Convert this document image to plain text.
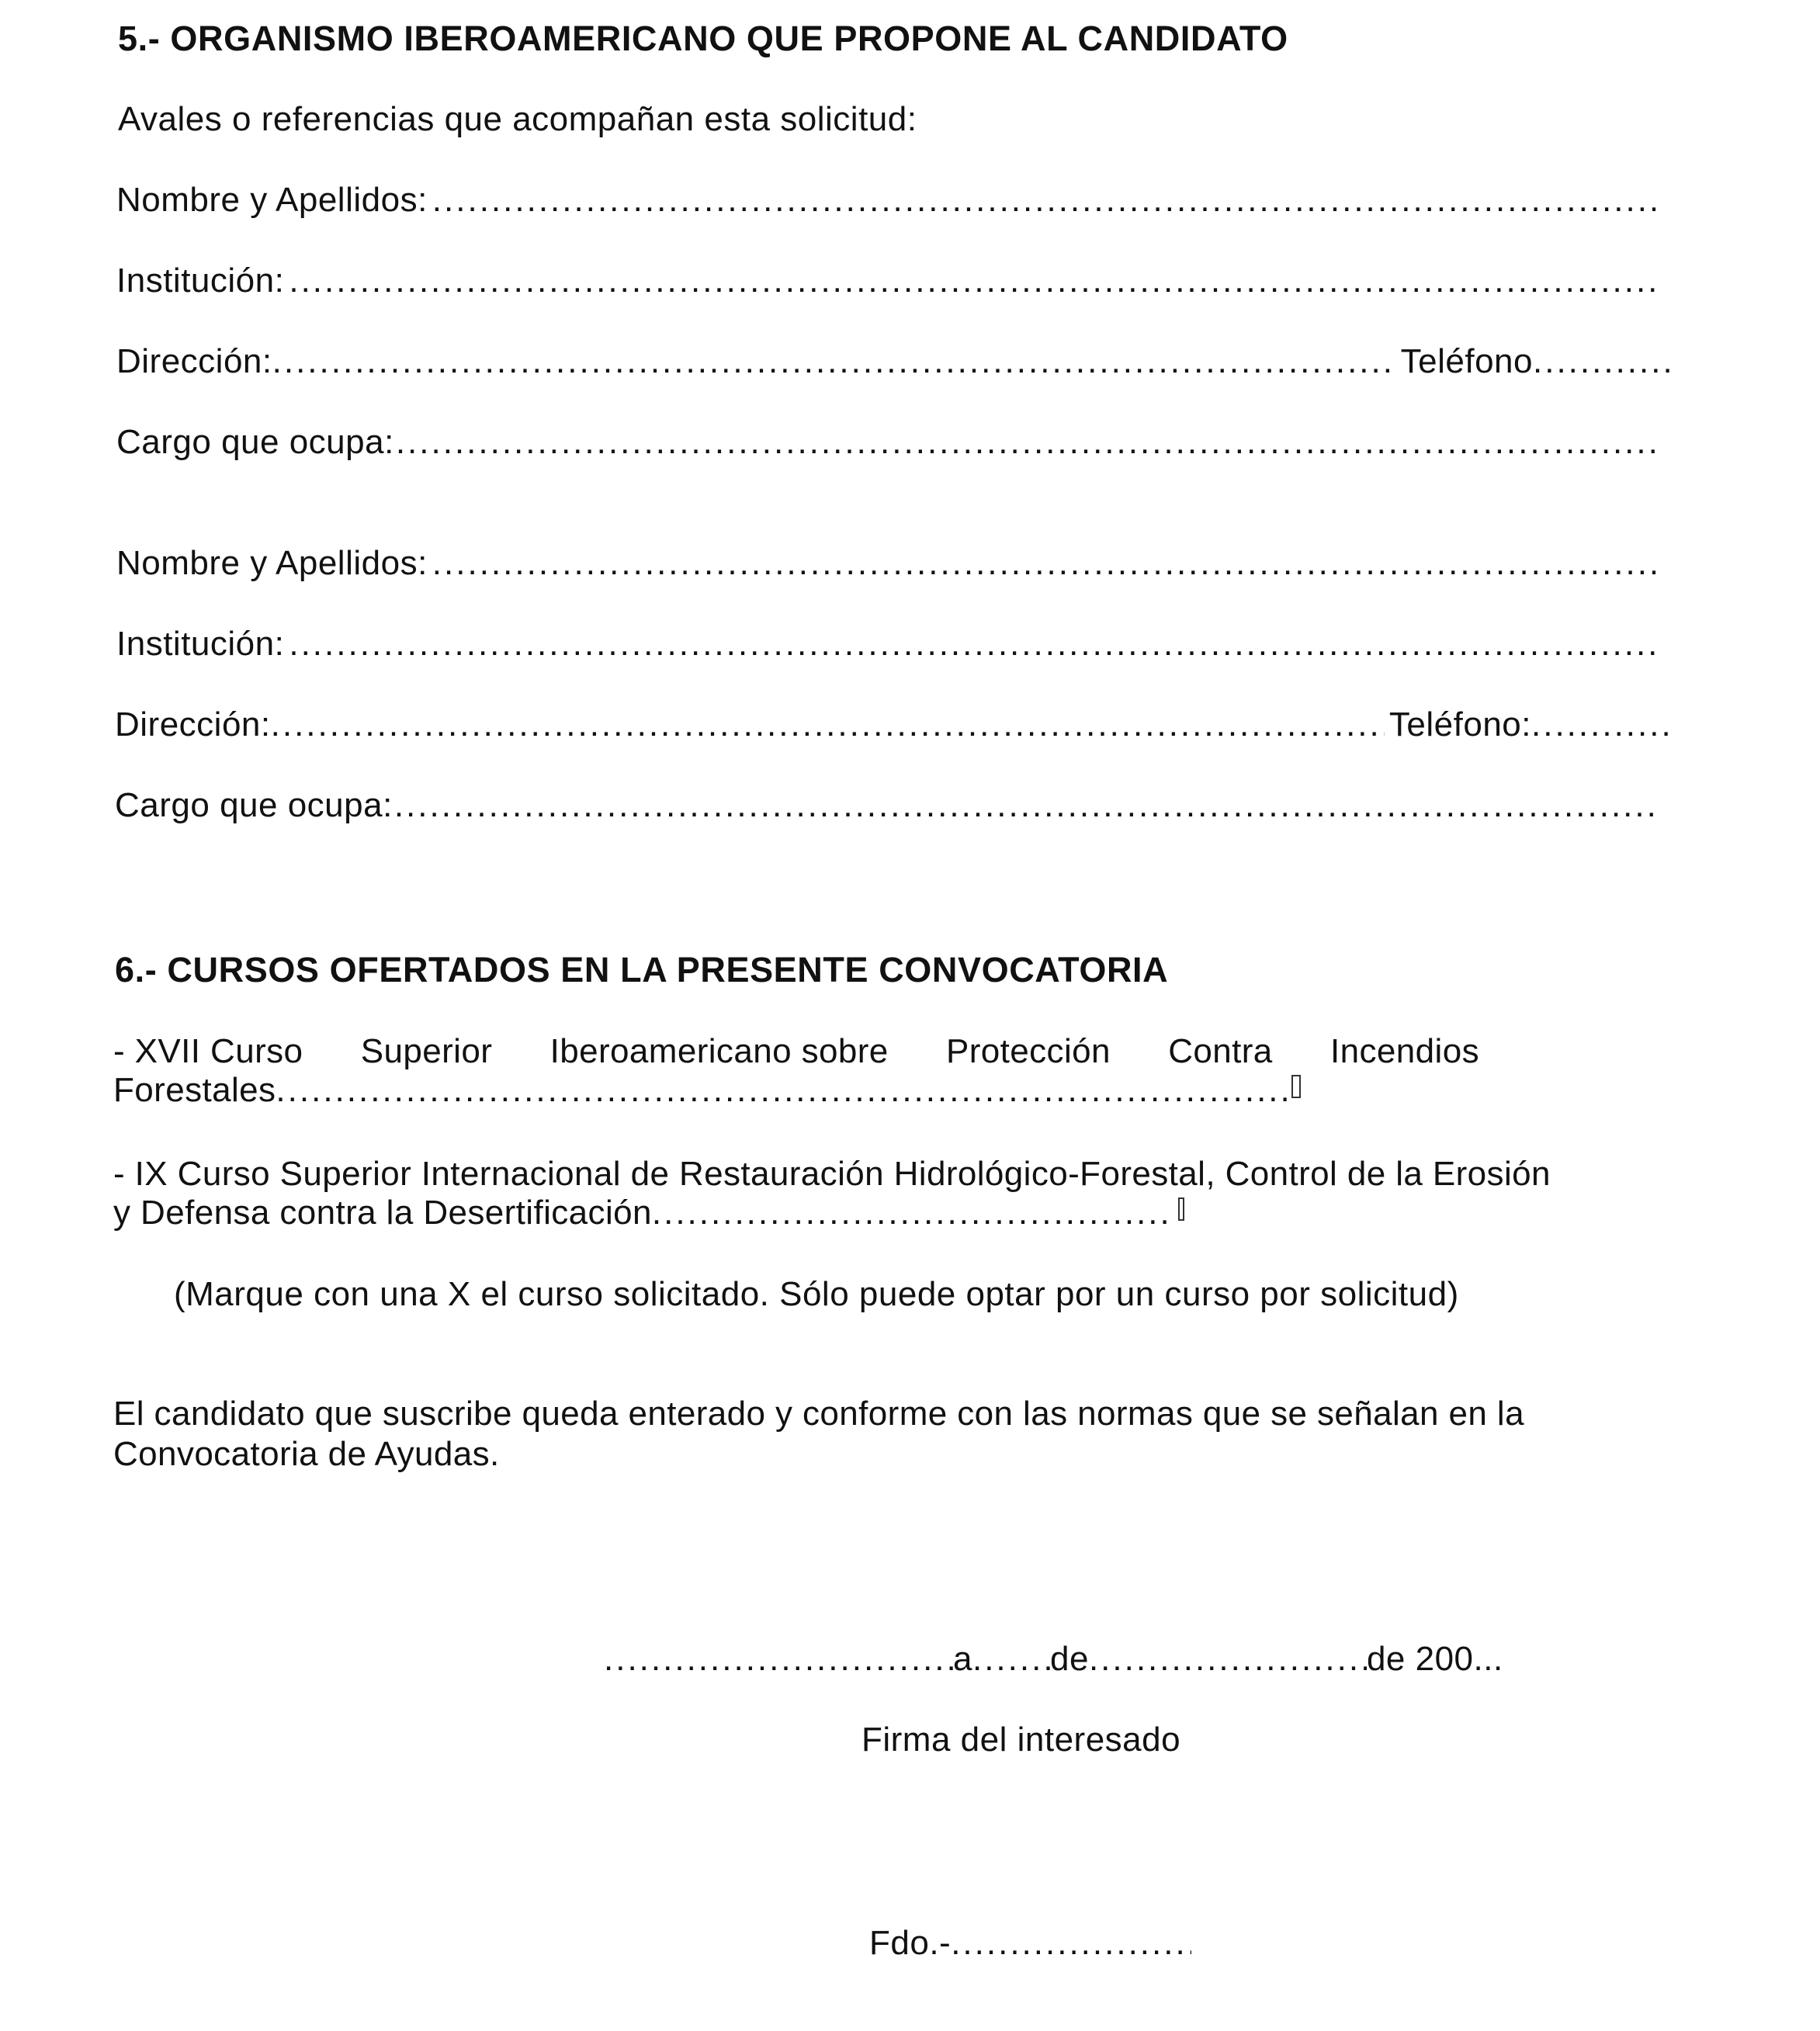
5.- ORGANISMO IBEROAMERICANO QUE PROPONE AL CANDIDATO
Avales o referencias que acompañan esta solicitud:
Nombre y Apellidos:
.....
Institución:
.....
Dirección: .....	Teléfono
.....
Cargo que ocupa:
.....
Nombre y Apellidos:
.....
Institución:
.....
Dirección: .....	Teléfono:
.....
Cargo que ocupa:
.....
6.- CURSOS OFERTADOS EN LA PRESENTE CONVOCATORIA
- XVII Curso Superior Iberoamericano sobre Protección Contra Incendios
Forestales
.....
- IX Curso Superior Internacional de Restauración Hidrológico-Forestal, Control de la Erosión
y Defensa contra la Desertificación
.....
(Marque con una X el curso solicitado. Sólo puede optar por un curso por solicitud)
El candidato que suscribe queda enterado y conforme con las normas que se señalan en la
Convocatoria de Ayudas.
.....
a ..... de .....	de 200...
Firma del interesado
Fdo.-
.....
